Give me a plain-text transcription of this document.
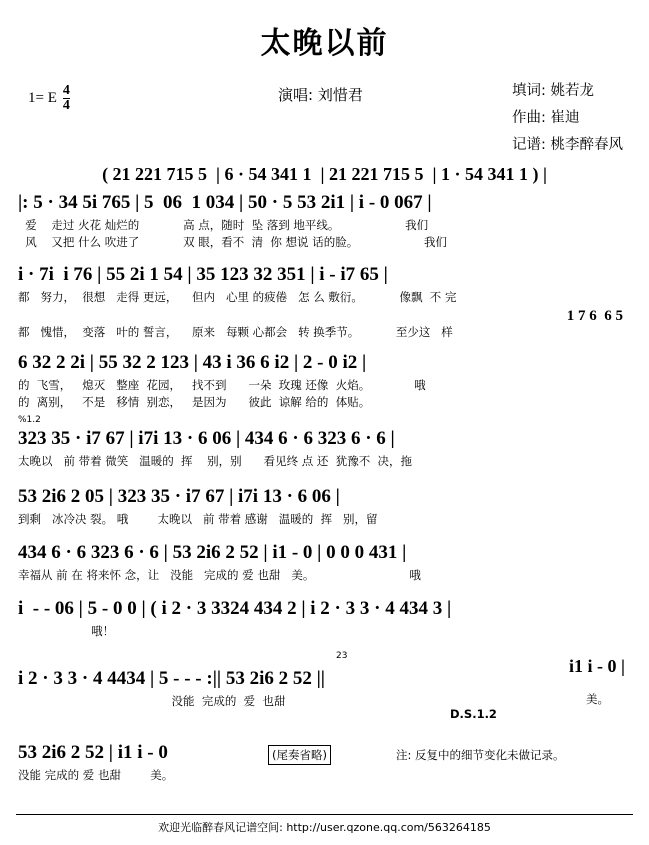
太晚以前
1= E $\frac{4}{4}$	演唱: 刘惜君	填词: 姚若龙
作曲: 崔迪
记谱: 桃李醉春风
( 21 221 715 5  | 6 · 54 341 1  | 21 221 715 5  | 1 · 54 341 1 ) |
|: 5 · 34 5i 765 | 5  06  1 034 | 50 · 5 53 2i1 | i - 0 067 |
爱    走过 火花 灿烂的            高 点，随时  坠 落到 地平线。                  我们
风    又把 什么 吹进了            双 眼，看不  清  你 想说 话的脸。                  我们
i · 7i  i 76 | 55 2i 1 54 | 35 123 32 351 | i - i7 65 |
都   努力，  很想   走得 更远，    但内   心里 的疲倦   怎 么 敷衍。          像飘  不 完
1 7 6  6 5
都   愧惜，  变落   叶的 誓言，    原来   每颗 心都会   转 换季节。          至少这   样
6 32 2 2i | 55 32 2 123 | 43 i 36 6 i2 | 2 - 0 i2 |
的  飞雪，   熄灭   整座  花园，   找不到      一朵  玫瑰 还像  火焰。            哦
的  离别，   不是   移情  别恋，   是因为      彼此  谅解 给的  体贴。
%1.2
323 35 · i7 67 | i7i 13 · 6 06 | 434 6 · 6 323 6 · 6 |
太晚以   前 带着 微笑   温暖的  挥    别，别      看见终 点 还  犹豫不  决，拖
53 2i6 2 05 | 323 35 · i7 67 | i7i 13 · 6 06 |
到剩   冰冷决 裂。 哦        太晚以   前 带着 感谢   温暖的  挥   别，留
434 6 · 6 323 6 · 6 | 53 2i6 2 52 | i1 - 0 | 0 0 0 431 |
幸福从 前 在 将来怀 念，让   没能   完成的 爱 也甜   美。                          哦
i  - - 06 | 5 - 0 0 | ( i 2 · 3 3324 434 2 | i 2 · 3 3 · 4 434 3 |
哦！
23	i1 i - 0 |
i 2 · 3 3 · 4 4434 | 5 - - - :|| 53 2i6 2 52 ||
没能  完成的  爱  也甜	美。
D.S.1.2
53 2i6 2 52 | i1 i - 0	(尾奏省略)	注: 反复中的细节变化未做记录。
没能 完成的 爱 也甜        美。
欢迎光临醉春风记谱空间: http://user.qzone.qq.com/563264185
